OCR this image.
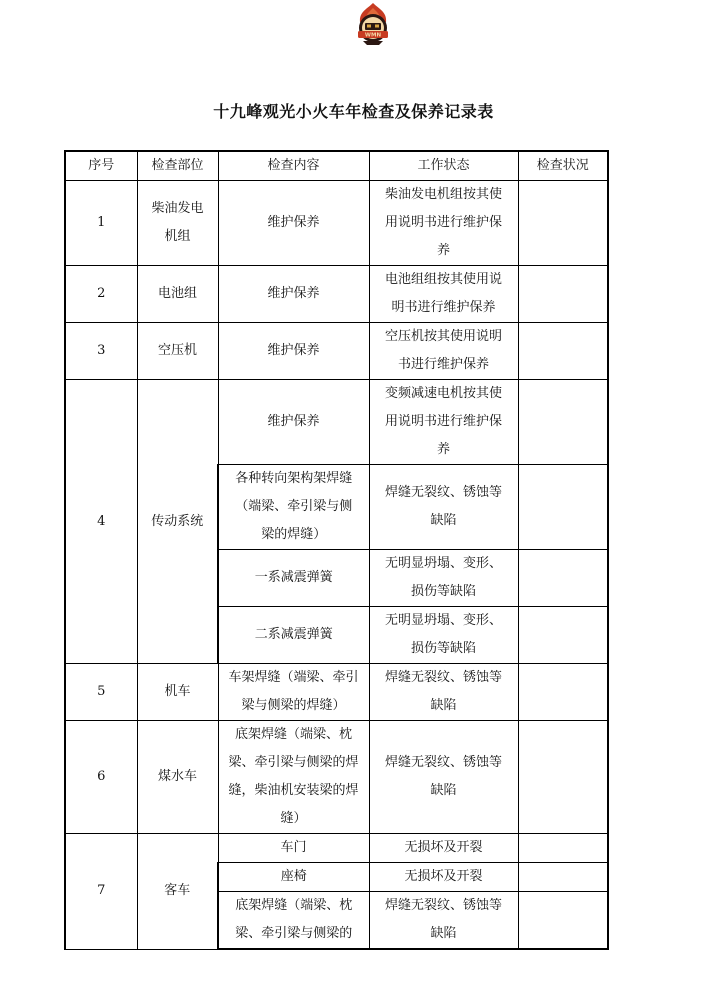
WMN
十九峰观光小火车年检查及保养记录表
序号	检查部位	检查内容	工作状态	检查状况
1	柴油发电机组	维护保养	柴油发电机组按其使用说明书进行维护保养	
2	电池组	维护保养	电池组组按其使用说明书进行维护保养	
3	空压机	维护保养	空压机按其使用说明书进行维护保养	
4	传动系统	维护保养	变频减速电机按其使用说明书进行维护保养	
		各种转向架构架焊缝（端梁、牵引梁与侧梁的焊缝）	焊缝无裂纹、锈蚀等缺陷	
		一系减震弹簧	无明显坍塌、变形、损伤等缺陷	
		二系减震弹簧	无明显坍塌、变形、损伤等缺陷	
5	机车	车架焊缝（端梁、牵引梁与侧梁的焊缝）	焊缝无裂纹、锈蚀等缺陷	
6	煤水车	底架焊缝（端梁、枕梁、牵引梁与侧梁的焊缝，柴油机安装梁的焊缝）	焊缝无裂纹、锈蚀等缺陷	
7	客车	车门	无损坏及开裂	
		座椅	无损坏及开裂	
		底架焊缝（端梁、枕梁、牵引梁与侧梁的	焊缝无裂纹、锈蚀等缺陷	
